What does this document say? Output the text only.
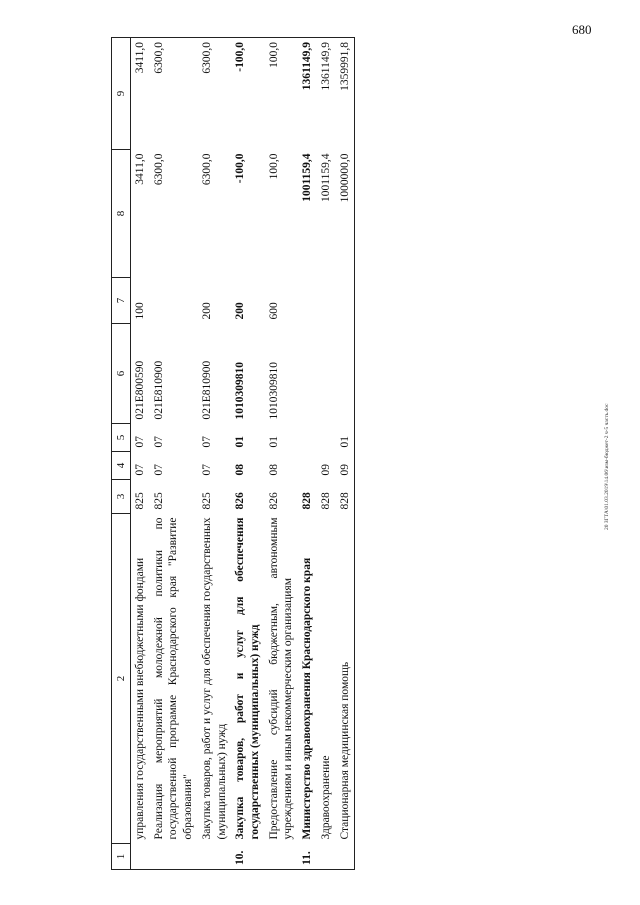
680
20 ЗГТА\01.03.2019\14.06\изм-бюджет-2 ч-5 часть.doc
1	2	3	4	5	6	7	8	9
	управления государственными внебюджетными фондами	825	07	07	021E800590	100	3411,0	3411,0
	Реализация мероприятий молодежной политики по государственной программе Краснодарского края "Развитие образования"	825	07	07	021E810900		6300,0	6300,0
	Закупка товаров, работ и услуг для обеспечения государственных (муниципальных) нужд	825	07	07	021E810900	200	6300,0	6300,0
10.	Закупка товаров, работ и услуг для обеспечения государственных (муниципальных) нужд	826	08	01	1010309810	200	-100,0	-100,0
	Предоставление субсидий бюджетным, автономным учреждениям и иным некоммерческим организациям	826	08	01	1010309810	600	100,0	100,0
11.	Министерство здравоохранения Краснодарского края	828					1001159,4	1361149,9
	Здравоохранение	828	09				1001159,4	1361149,9
	Стационарная медицинская помощь	828	09	01			1000000,0	1359991,8
